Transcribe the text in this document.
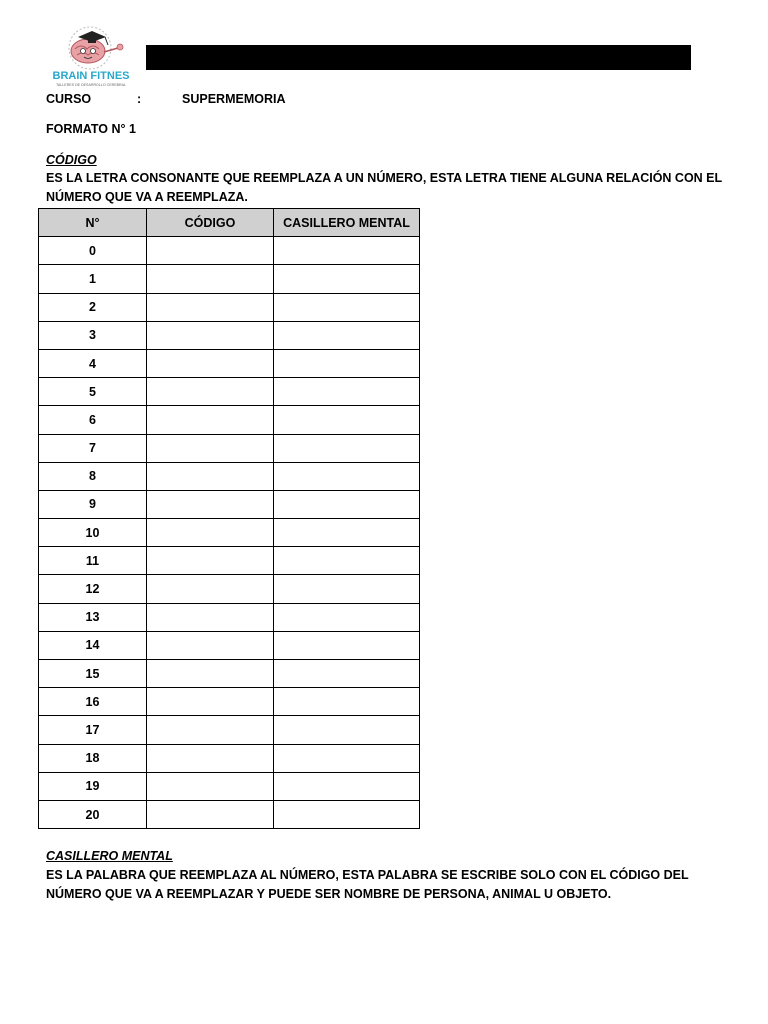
BRAIN FITNES
TALLERES DE DESARROLLO CEREBRAL
CURSO	:	SUPERMEMORIA
FORMATO N° 1
CÓDIGO
ES LA LETRA CONSONANTE QUE REEMPLAZA A UN NÚMERO, ESTA LETRA TIENE ALGUNA RELACIÓN CON EL
NÚMERO QUE VA A REEMPLAZA.
N°	CÓDIGO	CASILLERO MENTAL
0		
1		
2		
3		
4		
5		
6		
7		
8		
9		
10		
11		
12		
13		
14		
15		
16		
17		
18		
19		
20		
CASILLERO MENTAL
ES LA PALABRA QUE REEMPLAZA AL NÚMERO, ESTA PALABRA SE ESCRIBE SOLO CON EL CÓDIGO DEL
NÚMERO QUE VA A REEMPLAZAR Y PUEDE SER NOMBRE DE PERSONA, ANIMAL U OBJETO.
